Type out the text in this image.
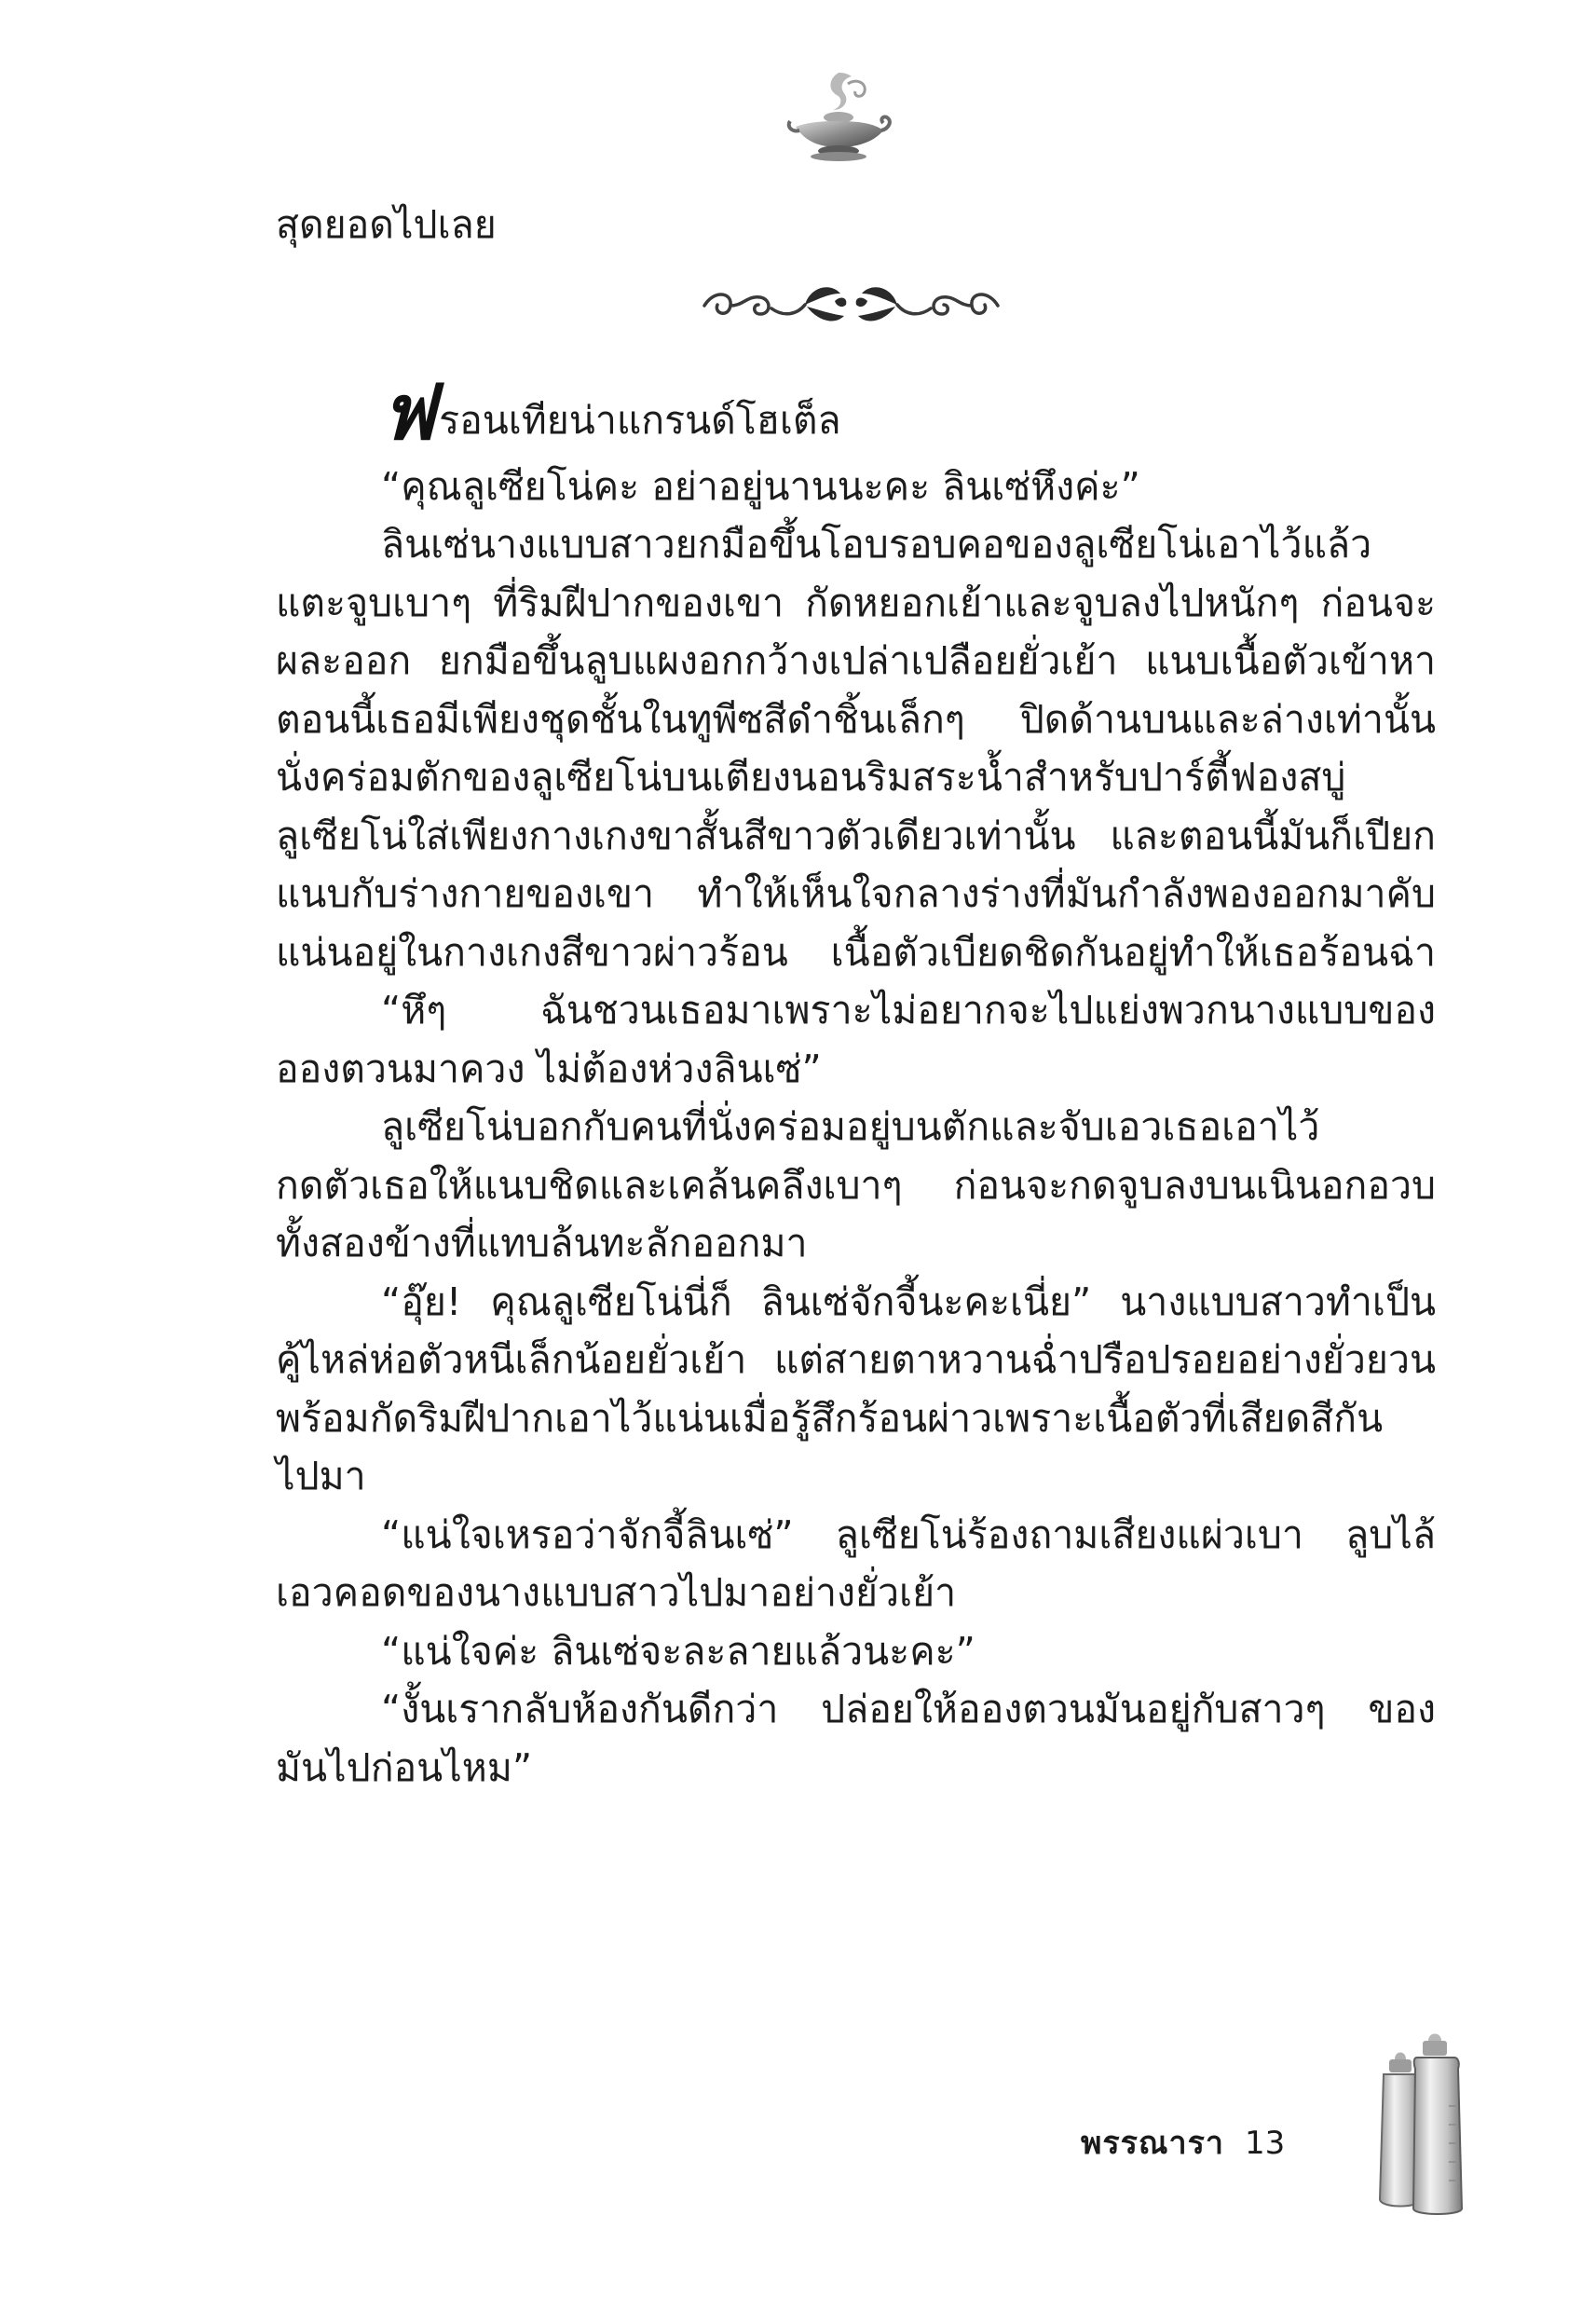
สุดยอดไปเลย
ฟรอนเทียน่าแกรนด์โฮเต็ล
“คุณลูเซียโน่คะ อย่าอยู่นานนะคะ ลินเซ่หึงค่ะ”
ลินเซ่นางแบบสาวยกมือขึ้นโอบรอบคอของลูเซียโน่เอาไว้แล้ว
แตะจูบเบาๆ ที่ริมฝีปากของเขา กัดหยอกเย้าและจูบลงไปหนักๆ ก่อนจะ
ผละออก ยกมือขึ้นลูบแผงอกกว้างเปล่าเปลือยยั่วเย้า แนบเนื้อตัวเข้าหา
ตอนนี้เธอมีเพียงชุดชั้นในทูพีซสีดำชิ้นเล็กๆ ปิดด้านบนและล่างเท่านั้น
นั่งคร่อมตักของลูเซียโน่บนเตียงนอนริมสระน้ำสำหรับปาร์ตี้ฟองสบู่
ลูเซียโน่ใส่เพียงกางเกงขาสั้นสีขาวตัวเดียวเท่านั้น และตอนนี้มันก็เปียก
แนบกับร่างกายของเขา ทำให้เห็นใจกลางร่างที่มันกำลังพองออกมาคับ
แน่นอยู่ในกางเกงสีขาวผ่าวร้อน เนื้อตัวเบียดชิดกันอยู่ทำให้เธอร้อนฉ่า
“หึๆ ฉันชวนเธอมาเพราะไม่อยากจะไปแย่งพวกนางแบบของ
อองตวนมาควง ไม่ต้องห่วงลินเซ่”
ลูเซียโน่บอกกับคนที่นั่งคร่อมอยู่บนตักและจับเอวเธอเอาไว้
กดตัวเธอให้แนบชิดและเคล้นคลึงเบาๆ ก่อนจะกดจูบลงบนเนินอกอวบ
ทั้งสองข้างที่แทบล้นทะลักออกมา
“อุ๊ย! คุณลูเซียโน่นี่ก็ ลินเซ่จักจี้นะคะเนี่ย” นางแบบสาวทำเป็น
คู้ไหล่ห่อตัวหนีเล็กน้อยยั่วเย้า แต่สายตาหวานฉ่ำปรือปรอยอย่างยั่วยวน
พร้อมกัดริมฝีปากเอาไว้แน่นเมื่อรู้สึกร้อนผ่าวเพราะเนื้อตัวที่เสียดสีกัน
ไปมา
“แน่ใจเหรอว่าจักจี้ลินเซ่” ลูเซียโน่ร้องถามเสียงแผ่วเบา ลูบไล้
เอวคอดของนางแบบสาวไปมาอย่างยั่วเย้า
“แน่ใจค่ะ ลินเซ่จะละลายแล้วนะคะ”
“งั้นเรากลับห้องกันดีกว่า ปล่อยให้อองตวนมันอยู่กับสาวๆ ของ
มันไปก่อนไหม”
พรรณารา 13
